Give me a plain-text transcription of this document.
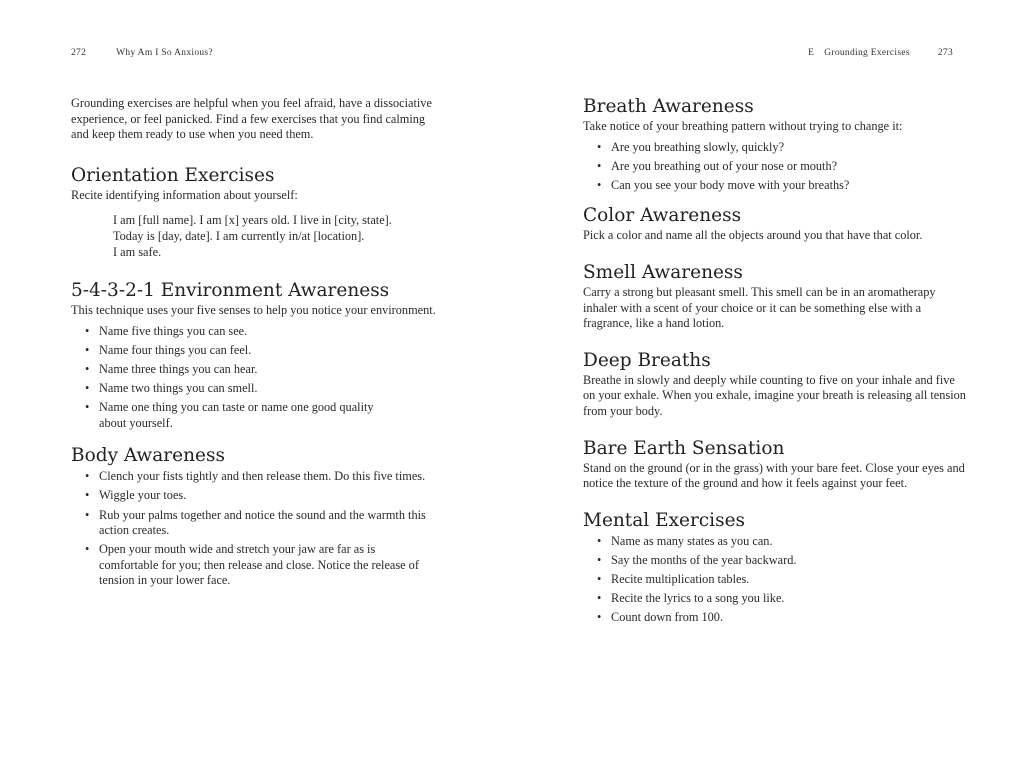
272	Why Am I So Anxious?

Grounding exercises are helpful when you feel afraid, have a dissociative experience, or feel panicked. Find a few exercises that you find calming and keep them ready to use when you need them.

Orientation Exercises

Recite identifying information about yourself:

I am [full name]. I am [x] years old. I live in [city, state].
Today is [day, date]. I am currently in/at [location].
I am safe.
5-4-3-2-1 Environment Awareness

This technique uses your five senses to help you notice your environment.

• Name five things you can see.
• Name four things you can feel.
• Name three things you can hear.
• Name two things you can smell.
• Name one thing you can taste or name one good quality about yourself.
Body Awareness
• Clench your fists tightly and then release them. Do this five times.
• Wiggle your toes.
• Rub your palms together and notice the sound and the warmth this action creates.
• Open your mouth wide and stretch your jaw are far as is comfortable for you; then release and close. Notice the release of tension in your lower face.
E Grounding Exercises	273
Breath Awareness

Take notice of your breathing pattern without trying to change it:

• Are you breathing slowly, quickly?
• Are you breathing out of your nose or mouth?
• Can you see your body move with your breaths?
Color Awareness

Pick a color and name all the objects around you that have that color.

Smell Awareness

Carry a strong but pleasant smell. This smell can be in an aromatherapy inhaler with a scent of your choice or it can be something else with a fragrance, like a hand lotion.

Deep Breaths

Breathe in slowly and deeply while counting to five on your inhale and five on your exhale. When you exhale, imagine your breath is releasing all tension from your body.

Bare Earth Sensation

Stand on the ground (or in the grass) with your bare feet. Close your eyes and notice the texture of the ground and how it feels against your feet.

Mental Exercises
• Name as many states as you can.
• Say the months of the year backward.
• Recite multiplication tables.
• Recite the lyrics to a song you like.
• Count down from 100.
